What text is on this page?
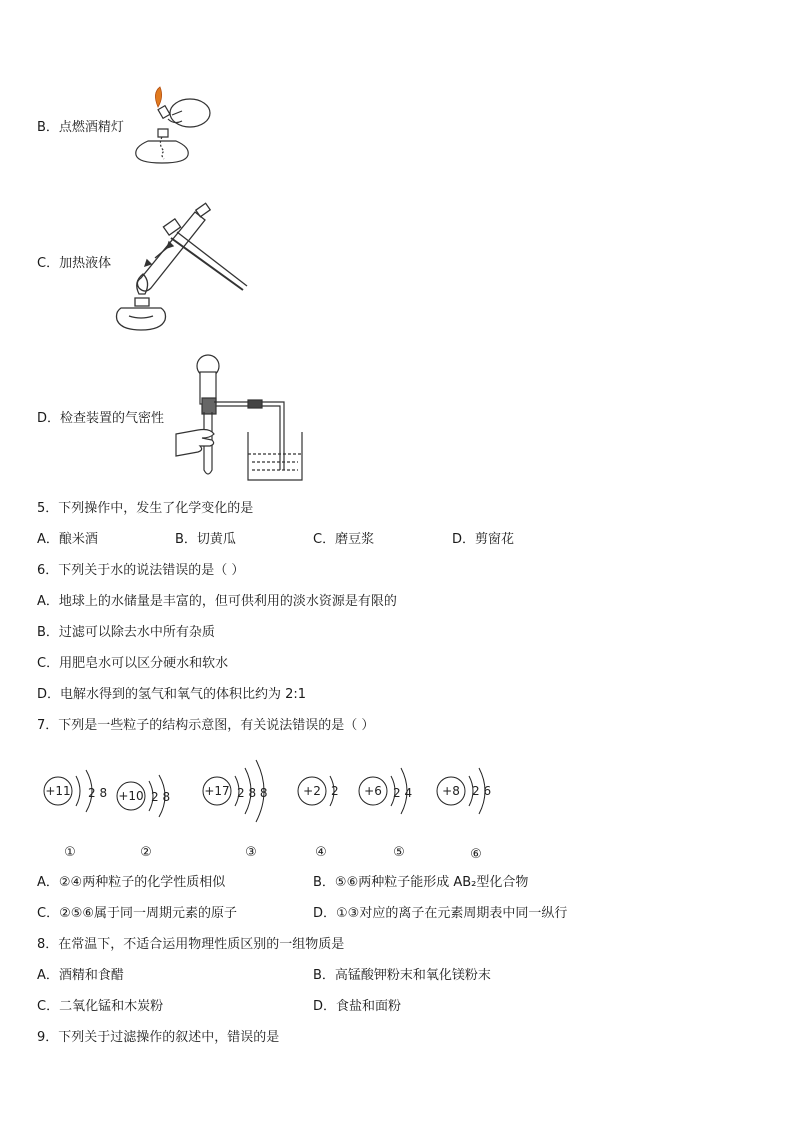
B．点燃酒精灯
C．加热液体
D．检查装置的气密性
5．下列操作中，发生了化学变化的是
A．酿米酒	B．切黄瓜	C．磨豆浆	D．剪窗花
6．下列关于水的说法错误的是（ ）
A．地球上的水储量是丰富的，但可供利用的淡水资源是有限的
B．过滤可以除去水中所有杂质
C．用肥皂水可以区分硬水和软水
D．电解水得到的氢气和氧气的体积比约为 2:1
7．下列是一些粒子的结构示意图，有关说法错误的是（ ）
+11 2 8 +10 2 8	+17 2 8 8	+2 2 +6 2 4	+8 2 6
①	②	③	④	⑤	⑥
A．②④两种粒子的化学性质相似	B．⑤⑥两种粒子能形成 AB₂型化合物
C．②⑤⑥属于同一周期元素的原子	D．①③对应的离子在元素周期表中同一纵行
8．在常温下，不适合运用物理性质区别的一组物质是
A．酒精和食醋	B．高锰酸钾粉末和氧化镁粉末
C．二氧化锰和木炭粉	D．食盐和面粉
9．下列关于过滤操作的叙述中，错误的是
